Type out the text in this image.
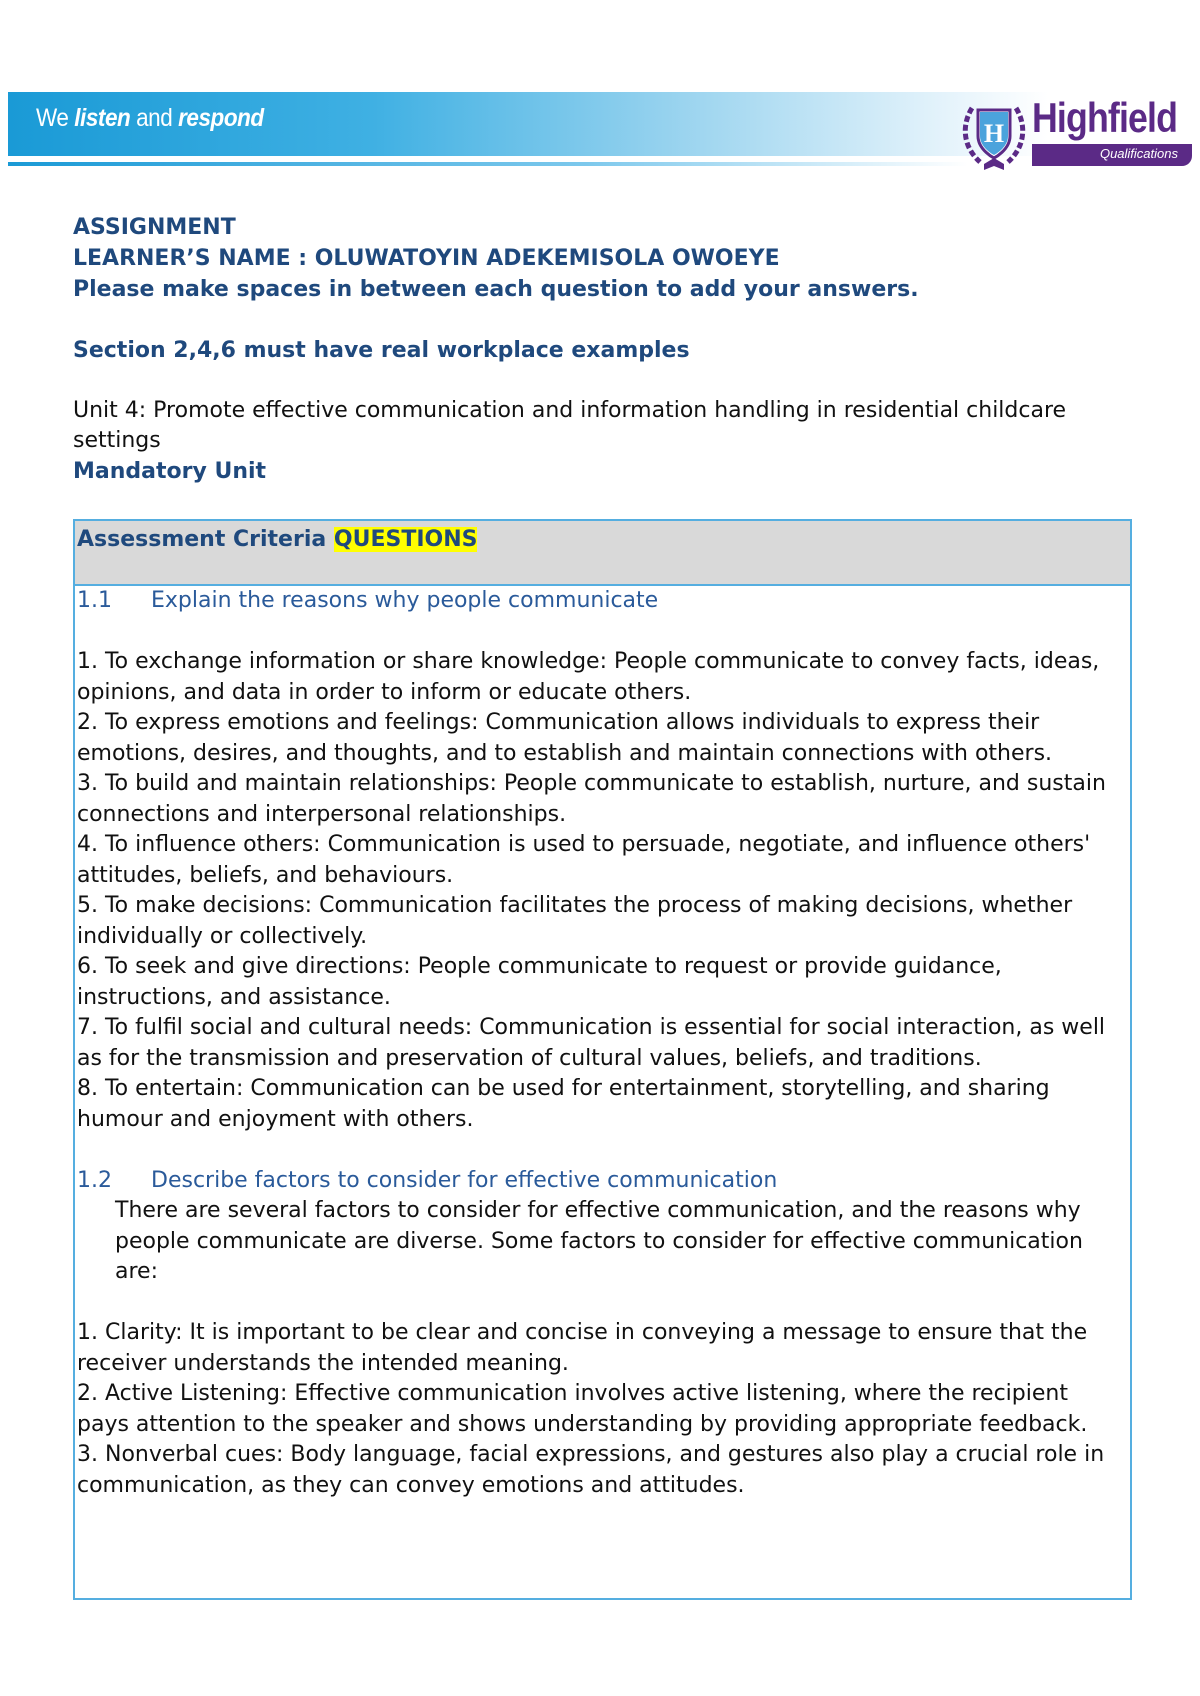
We listen and respond
H Highfield
Qualifications
ASSIGNMENT
LEARNER’S NAME : OLUWATOYIN ADEKEMISOLA OWOEYE
Please make spaces in between each question to add your answers.
Section 2,4,6 must have real workplace examples
Unit 4: Promote effective communication and information handling in residential childcare settings
Mandatory Unit
Assessment Criteria QUESTIONS
1.1	Explain the reasons why people communicate
1. To exchange information or share knowledge: People communicate to convey facts, ideas, opinions, and data in order to inform or educate others.
2. To express emotions and feelings: Communication allows individuals to express their emotions, desires, and thoughts, and to establish and maintain connections with others.
3. To build and maintain relationships: People communicate to establish, nurture, and sustain connections and interpersonal relationships.
4. To influence others: Communication is used to persuade, negotiate, and influence others' attitudes, beliefs, and behaviours.
5. To make decisions: Communication facilitates the process of making decisions, whether individually or collectively.
6. To seek and give directions: People communicate to request or provide guidance, instructions, and assistance.
7. To fulfil social and cultural needs: Communication is essential for social interaction, as well as for the transmission and preservation of cultural values, beliefs, and traditions.
8. To entertain: Communication can be used for entertainment, storytelling, and sharing humour and enjoyment with others.
1.2	Describe factors to consider for effective communication
There are several factors to consider for effective communication, and the reasons why people communicate are diverse. Some factors to consider for effective communication are:
1. Clarity: It is important to be clear and concise in conveying a message to ensure that the receiver understands the intended meaning.
2. Active Listening: Effective communication involves active listening, where the recipient pays attention to the speaker and shows understanding by providing appropriate feedback.
3. Nonverbal cues: Body language, facial expressions, and gestures also play a crucial role in communication, as they can convey emotions and attitudes.
